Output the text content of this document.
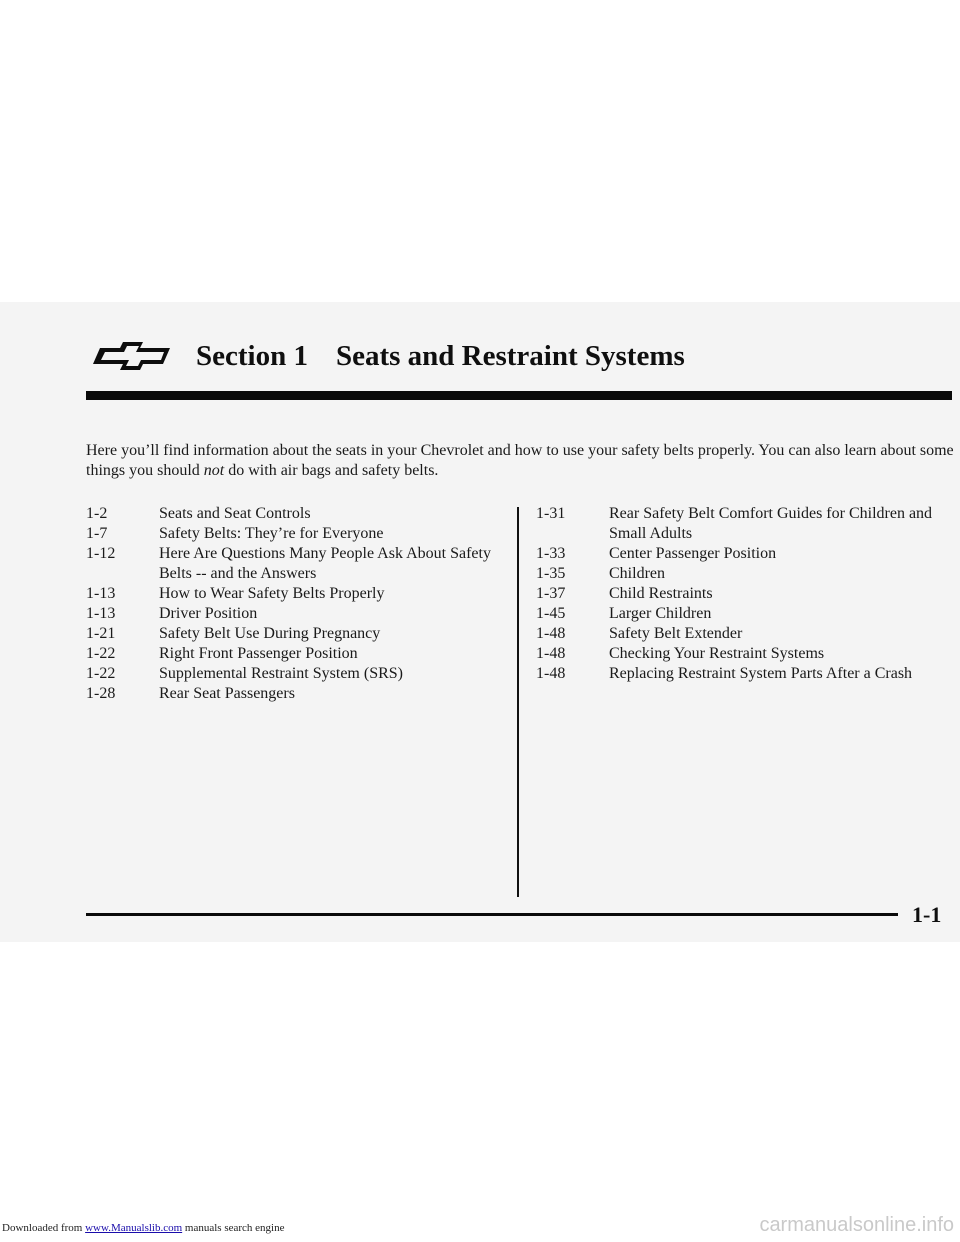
Section 1 Seats and Restraint Systems
Here you’ll find information about the seats in your Chevrolet and how to use your safety belts properly. You can also learn about some things you should not do with air bags and safety belts.
1-2	Seats and Seat Controls
1-7	Safety Belts: They’re for Everyone
1-12	Here Are Questions Many People Ask About Safety Belts -- and the Answers
1-13	How to Wear Safety Belts Properly
1-13	Driver Position
1-21	Safety Belt Use During Pregnancy
1-22	Right Front Passenger Position
1-22	Supplemental Restraint System (SRS)
1-28	Rear Seat Passengers
1-31	Rear Safety Belt Comfort Guides for Children and Small Adults
1-33	Center Passenger Position
1-35	Children
1-37	Child Restraints
1-45	Larger Children
1-48	Safety Belt Extender
1-48	Checking Your Restraint Systems
1-48	Replacing Restraint System Parts After a Crash
1-1
Downloaded from www.Manualslib.com manuals search engine	carmanualsonline.info
